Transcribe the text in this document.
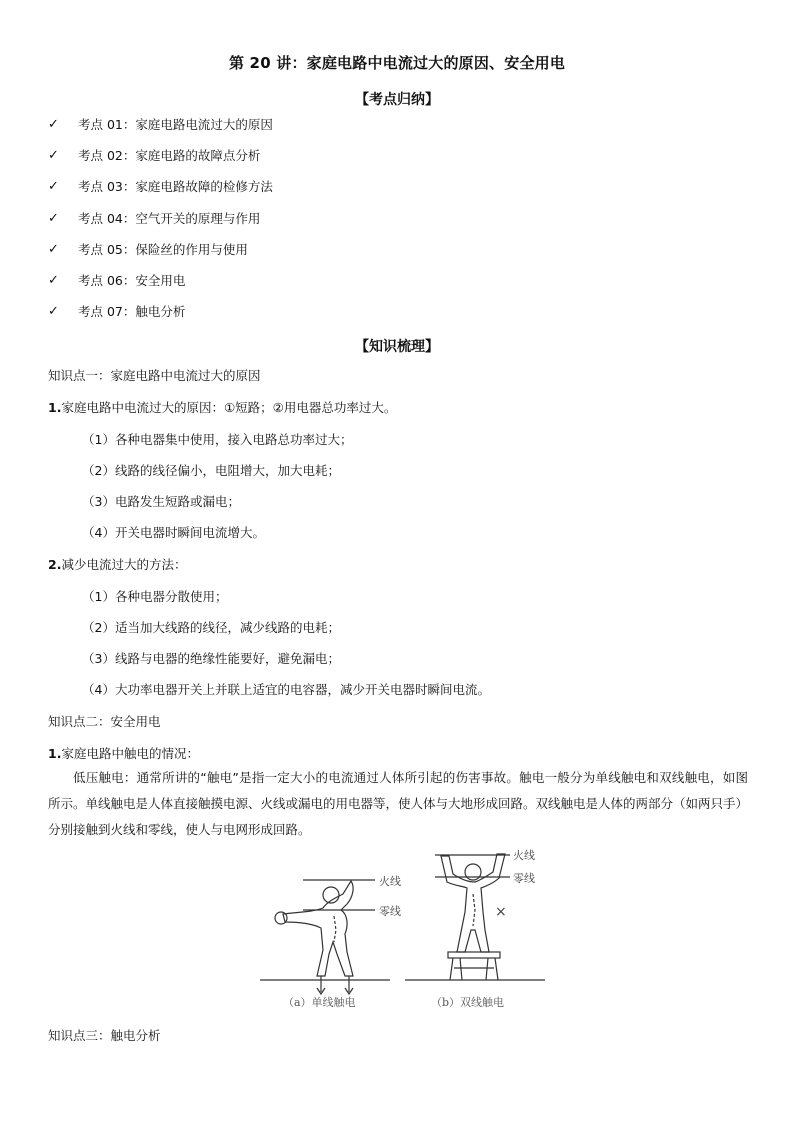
第 20 讲：家庭电路中电流过大的原因、安全用电
【考点归纳】
✓ 考点 01：家庭电路电流过大的原因
✓ 考点 02：家庭电路的故障点分析
✓ 考点 03：家庭电路故障的检修方法
✓ 考点 04：空气开关的原理与作用
✓ 考点 05：保险丝的作用与使用
✓ 考点 06：安全用电
✓ 考点 07：触电分析
【知识梳理】
知识点一：家庭电路中电流过大的原因
1.家庭电路中电流过大的原因：①短路；②用电器总功率过大。
（1）各种电器集中使用，接入电路总功率过大；
（2）线路的线径偏小，电阻增大，加大电耗；
（3）电路发生短路或漏电；
（4）开关电器时瞬间电流增大。
2.减少电流过大的方法：
（1）各种电器分散使用；
（2）适当加大线路的线径，减少线路的电耗；
（3）线路与电器的绝缘性能要好，避免漏电；
（4）大功率电器开关上并联上适宜的电容器，减少开关电器时瞬间电流。
知识点二：安全用电
1.家庭电路中触电的情况：
低压触电：通常所讲的“触电”是指一定大小的电流通过人体所引起的伤害事故。触电一般分为单线触电和双线触电，如图所示。单线触电是人体直接触摸电源、火线或漏电的用电器等，使人体与大地形成回路。双线触电是人体的两部分（如两只手）分别接触到火线和零线，使人与电网形成回路。
火线
零线
火线
零线
×
（a）单线触电	（b）双线触电
知识点三：触电分析
